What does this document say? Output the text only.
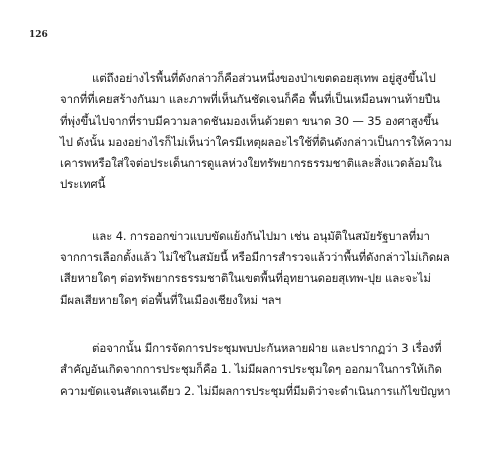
126
แต่ถึงอย่างไรพื้นที่ดังกล่าวก็คือส่วนหนึ่งของป่าเขตดอยสุเทพ อยู่สูงขึ้นไป
จากที่ที่เคยสร้างกันมา และภาพที่เห็นกันชัดเจนก็คือ พื้นที่เป็นเหมือนพานท้ายปืน
ที่พุ่งขึ้นไปจากที่ราบมีความลาดชันมองเห็นด้วยตา ขนาด 30 — 35 องศาสูงขึ้น
ไป ดังนั้น มองอย่างไรก็ไม่เห็นว่าใครมีเหตุผลอะไรใช้ที่ดินดังกล่าวเป็นการให้ความ
เคารพหรือใส่ใจต่อประเด็นการดูแลห่วงใยทรัพยากรธรรมชาติและสิ่งแวดล้อมใน
ประเทศนี้
และ 4. การออกข่าวแบบขัดแย้งกันไปมา เช่น อนุมัติในสมัยรัฐบาลที่มา
จากการเลือกตั้งแล้ว ไม่ใช่ในสมัยนี้ หรือมีการสำรวจแล้วว่าพื้นที่ดังกล่าวไม่เกิดผล
เสียหายใดๆ ต่อทรัพยากรธรรมชาติในเขตพื้นที่อุทยานดอยสุเทพ-ปุย และจะไม่
มีผลเสียหายใดๆ ต่อพื้นที่ในเมืองเชียงใหม่ ฯลฯ
ต่อจากนั้น มีการจัดการประชุมพบปะกันหลายฝ่าย และปรากฏว่า 3 เรื่องที่
สำคัญอันเกิดจากการประชุมก็คือ 1. ไม่มีผลการประชุมใดๆ ออกมาในการให้เกิด
ความขัดแจนสัดเจนเดียว 2. ไม่มีผลการประชุมที่มีมติว่าจะดำเนินการแก้ไขปัญหา
